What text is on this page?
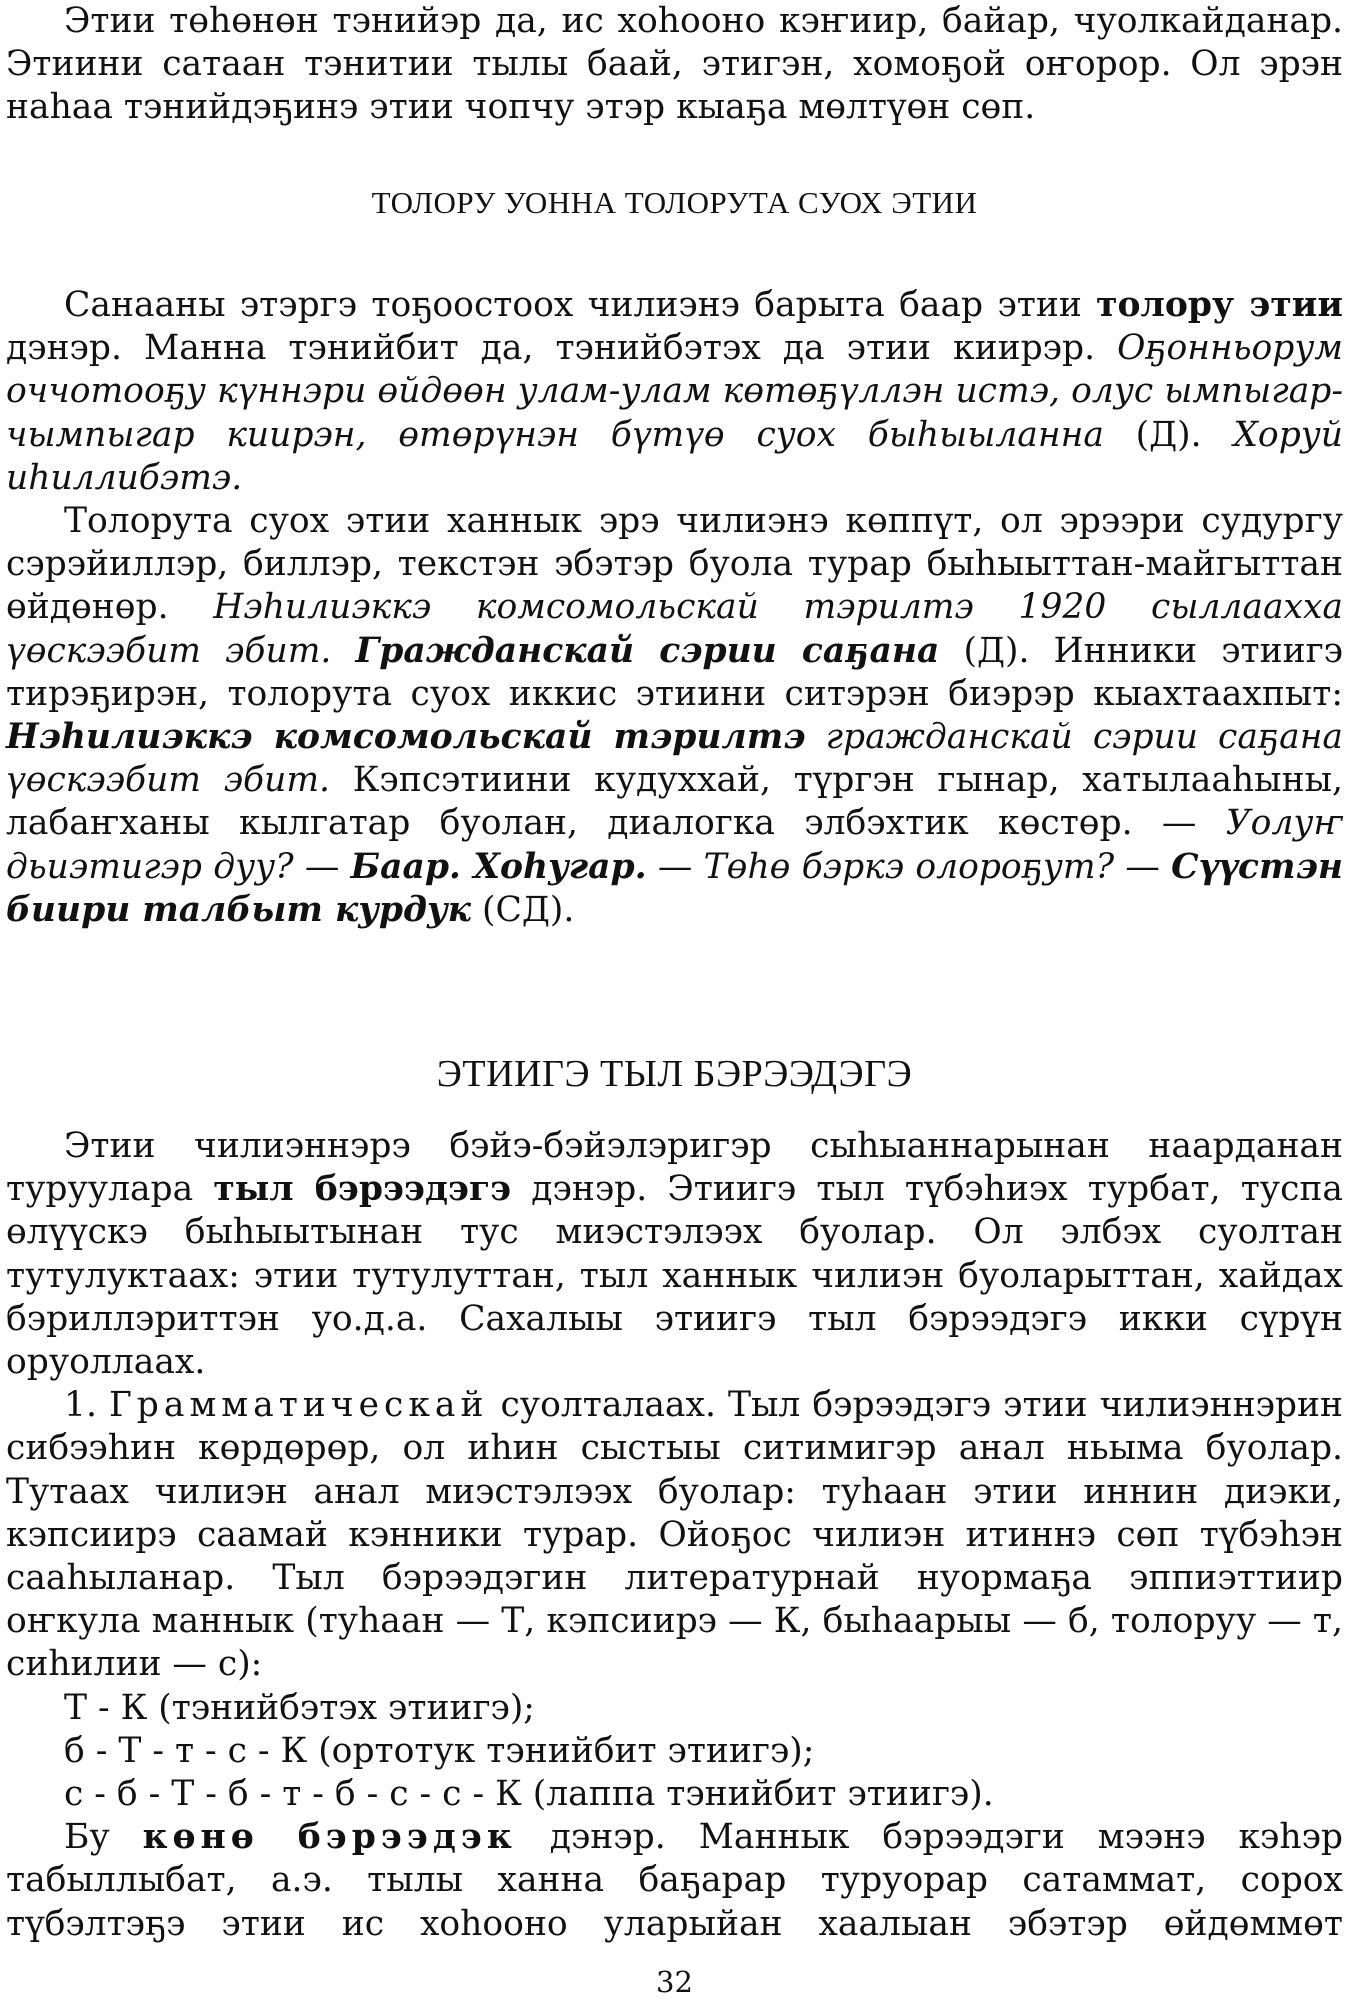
Этии төһөнөн тэнийэр да, ис хоһооно кэҥиир, байар, чуолкайданар. Этиини сатаан тэнитии тылы баай, этигэн, хомоҕой оҥорор. Ол эрэн наһаа тэнийдэҕинэ этии чопчу этэр кыаҕа мөлтүөн сөп.

ТОЛОРУ УОННА ТОЛОРУТА СУОХ ЭТИИ

Санааны этэргэ тоҕоостоох чилиэнэ барыта баар этии толору этии дэнэр. Манна тэнийбит да, тэнийбэтэх да этии киирэр. Оҕонньорум оччотооҕу күннэри өйдөөн улам-улам көтөҕүллэн истэ, олус ымпыгар-чымпыгар киирэн, өтөрүнэн бүтүө суох быһыыланна (Д). Хоруй иһиллибэтэ.

Толорута суох этии ханнык эрэ чилиэнэ көппүт, ол эрээри судургу сэрэйиллэр, биллэр, текстэн эбэтэр буола турар быһыыттан-майгыттан өйдөнөр. Нэһилиэккэ комсомольскай тэрилтэ 1920 сыллаахха үөскээбит эбит. Гражданскай сэрии саҕана (Д). Инники этиигэ тирэҕирэн, толорута суох иккис этиини ситэрэн биэрэр кыахтаахпыт: Нэһилиэккэ комсомольскай тэрилтэ гражданскай сэрии саҕана үөскээбит эбит. Кэпсэтиини кудуххай, түргэн гынар, хатылааһыны, лабаҥханы кылгатар буолан, диалогка элбэхтик көстөр. — Уолуҥ дьиэтигэр дуу? — Баар. Хоһугар. — Төһө бэркэ олороҕут? — Сүүстэн биири талбыт курдук (СД).

ЭТИИГЭ ТЫЛ БЭРЭЭДЭГЭ

Этии чилиэннэрэ бэйэ-бэйэлэригэр сыһыаннарынан наарданан туруулара тыл бэрээдэгэ дэнэр. Этиигэ тыл түбэһиэх турбат, туспа өлүүскэ быһыытынан тус миэстэлээх буолар. Ол элбэх суолтан тутулуктаах: этии тутулуттан, тыл ханнык чилиэн буоларыттан, хайдах бэриллэриттэн уо.д.а. Сахалыы этиигэ тыл бэрээдэгэ икки сүрүн оруоллаах.

1. Грамматическай суолталаах. Тыл бэрээдэгэ этии чилиэннэрин сибээһин көрдөрөр, ол иһин сыстыы ситимигэр анал ньыма буолар. Тутаах чилиэн анал миэстэлээх буолар: туһаан этии иннин диэки, кэпсиирэ саамай кэнники турар. Ойоҕос чилиэн итиннэ сөп түбэһэн сааһыланар. Тыл бэрээдэгин литературнай нуормаҕа эппиэттиир оҥкула маннык (туһаан — Т, кэпсиирэ — К, быһаарыы — б, толоруу — т, сиһилии — с):

Т - К (тэнийбэтэх этиигэ);

б - Т - т - с - К (ортотук тэнийбит этиигэ);

с - б - Т - б - т - б - с - с - К (лаппа тэнийбит этиигэ).

Бу көнө бэрээдэк дэнэр. Маннык бэрээдэги мээнэ кэһэр табыллыбат, а.э. тылы ханна баҕарар туруорар сатаммат, сорох түбэлтэҕэ этии ис хоһооно уларыйан хаалыан эбэтэр өйдөммөт

32
